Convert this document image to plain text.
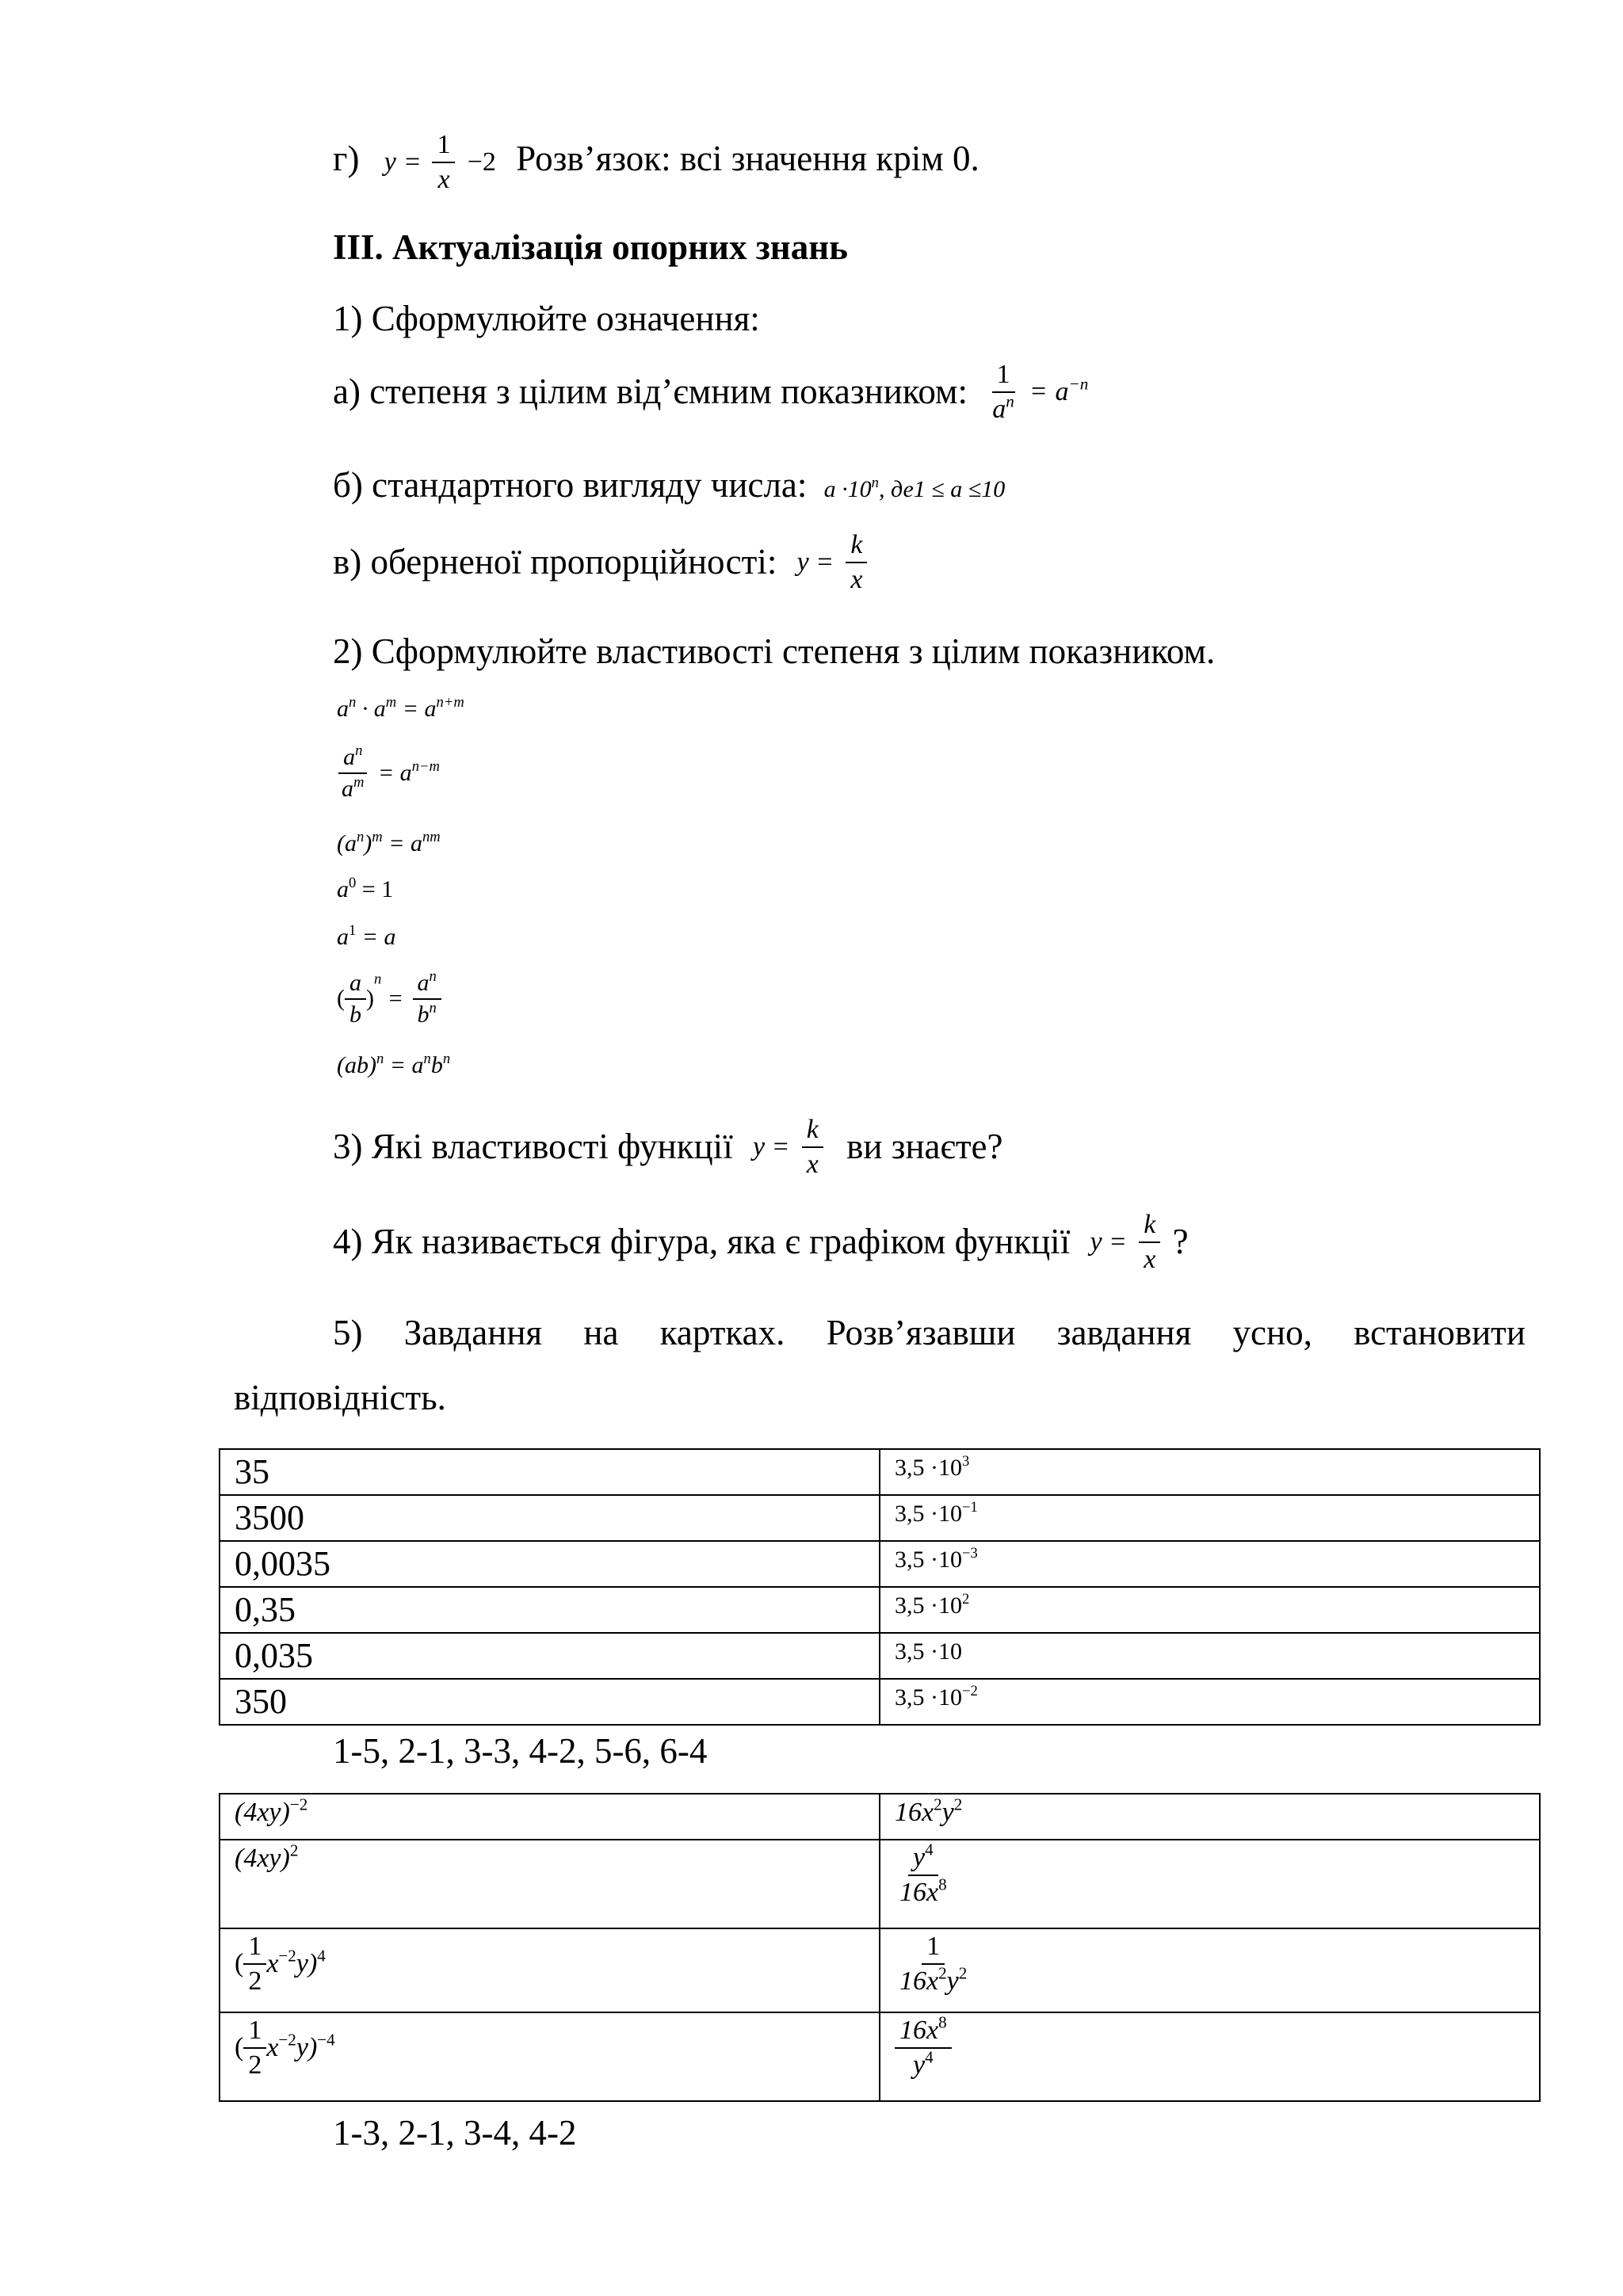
г) $y = \frac{1}{x} -2$ Розв’язок: всі значення крім 0.
III. Актуалізація опорних знань
1) Сформулюйте означення:
а) степеня з цілим від’ємним показником: $\frac{1}{a^n} = a^{-n}$
б) стандартного вигляду числа: $a \cdot 10^n$, де1 ≤ a ≤10
в) оберненої пропорційності: $y = \frac{k}{x}$
2) Сформулюйте властивості степеня з цілим показником.
$a^n \cdot a^m = a^{n+m}$
$\frac{a^n}{a^m} = a^{n-m}$
$(a^n)^m = a^{nm}$
$a^0 = 1$
$a^1 = a$
( $\frac{a}{b} )^n = \frac{a^n}{b^n}$
$(ab)^n = a^nb^n$
3) Які властивості функції $y = \frac{k}{x}$ ви знаєте?
4) Як називається фігура, яка є графіком функції $y = \frac{k}{x}$ ?
5) Завдання на картках. Розв’язавши завдання усно, встановити
відповідність.
35	$3,5 \cdot 10^3$
3500	$3,5 \cdot 10^{-1}$
0,0035	$3,5 \cdot 10^{-3}$
0,35	$3,5 \cdot 10^2$
0,035	3,5 ·10
350	$3,5 \cdot 10^{-2}$
1-5, 2-1, 3-3, 4-2, 5-6, 6-4
$(4xy)^{-2}$	$16x^2y^2$
$(4xy)^2$	$\frac{y^4}{16x^8}$

( $\frac{1}{2} x^{-2}y)^4$	$\frac{1}{16x^2y^2}$

( $\frac{1}{2} x^{-2}y)^{-4}$	$\frac{16x^8}{y^4}$
1-3, 2-1, 3-4, 4-2
